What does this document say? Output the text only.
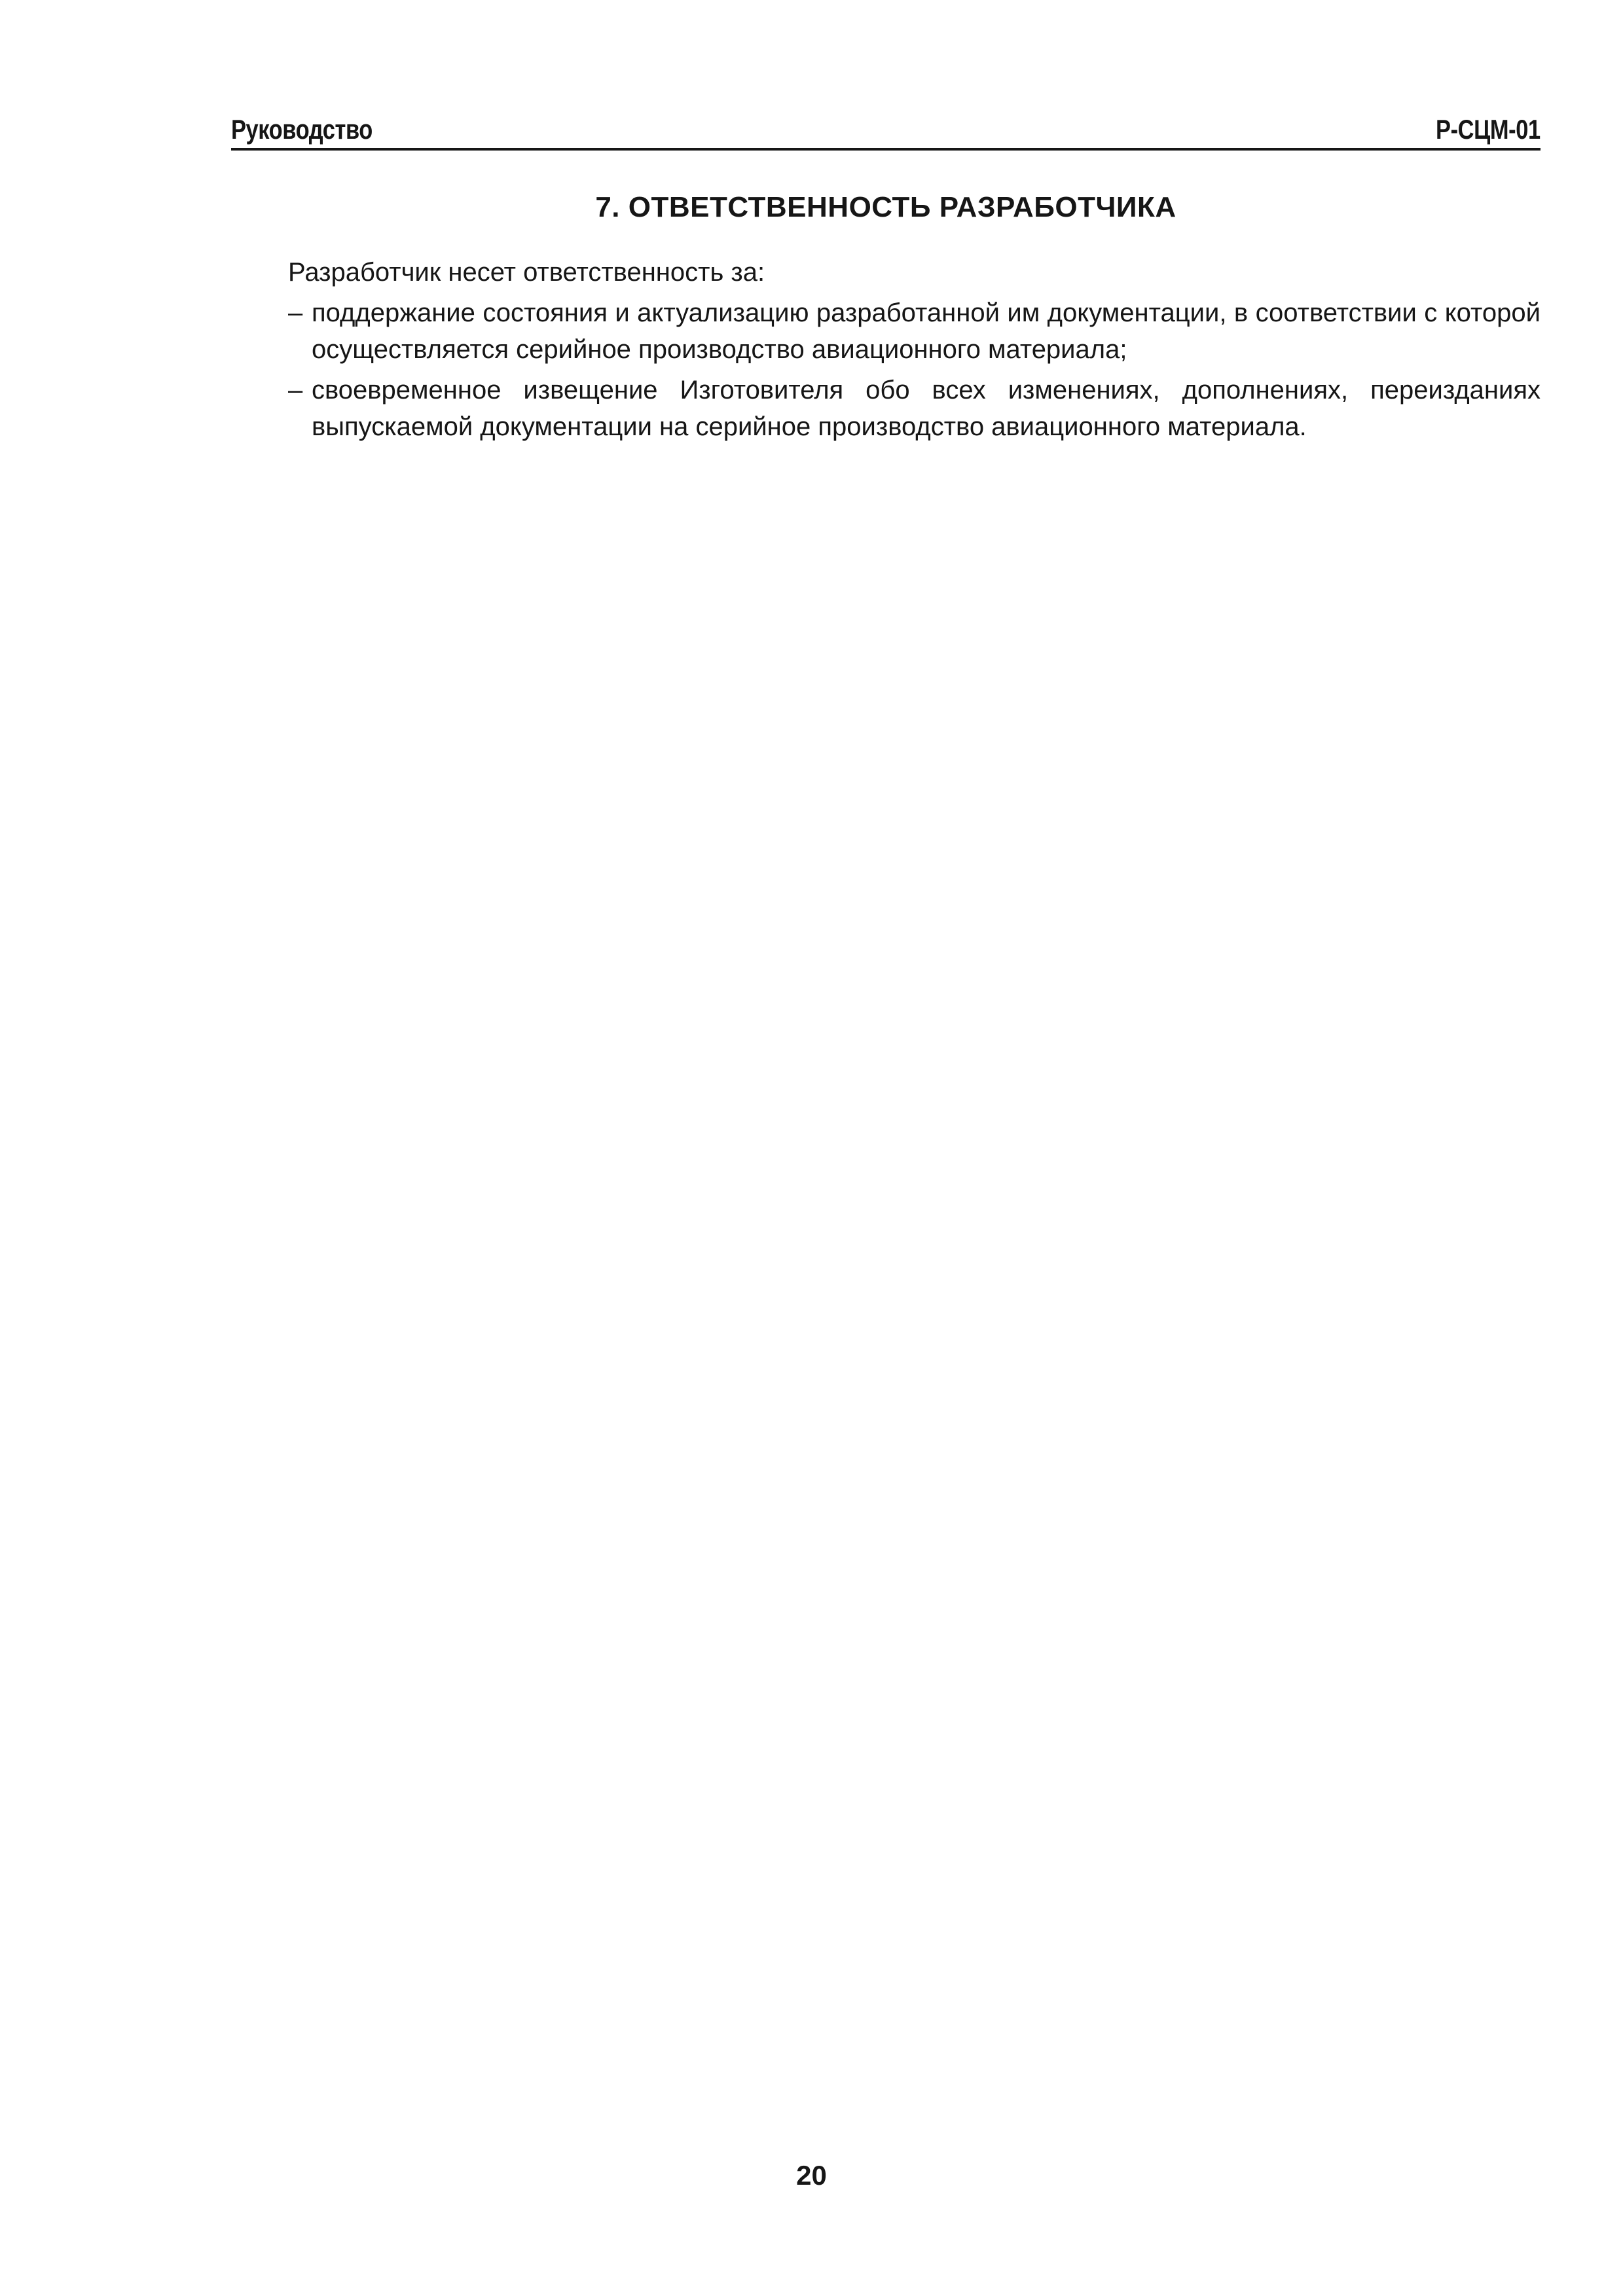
Руководство	Р-СЦМ-01
7. ОТВЕТСТВЕННОСТЬ РАЗРАБОТЧИКА

Разработчик несет ответственность за:

– поддержание состояния и актуализацию разработанной им документации, в соответствии с которой осуществляется серийное производство авиационного материала;
– своевременное извещение Изготовителя обо всех изменениях, дополнениях, переизданиях выпускаемой документации на серийное производство авиационного материала.
20
